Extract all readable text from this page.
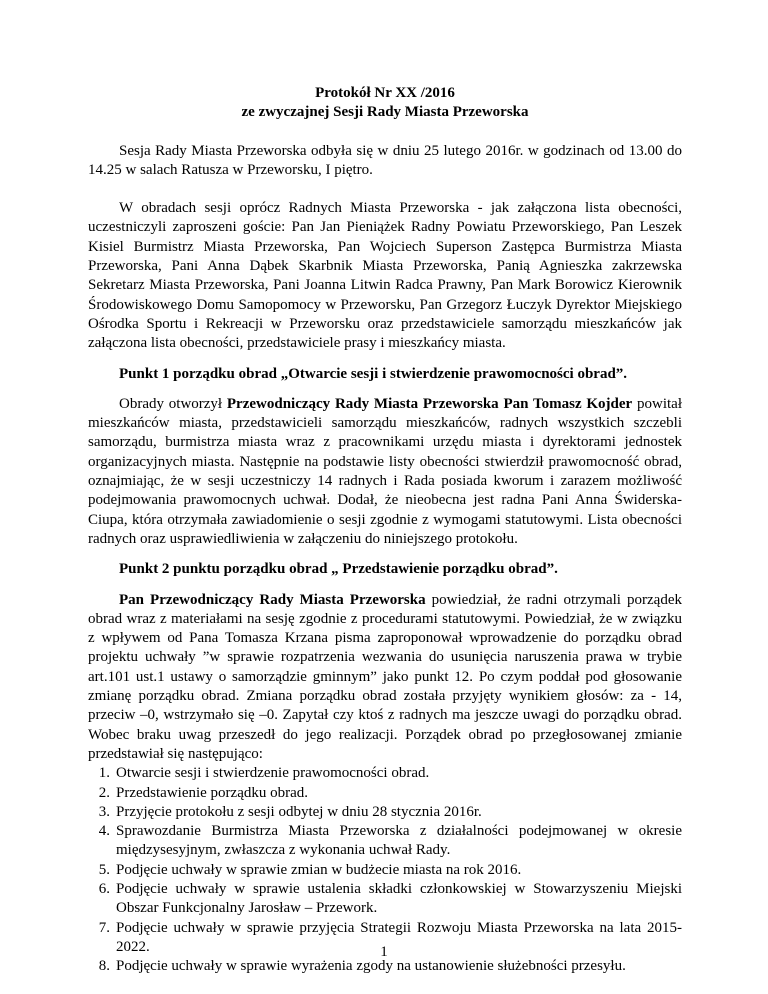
Protokół Nr XX /2016
ze zwyczajnej Sesji Rady Miasta Przeworska

Sesja Rady Miasta Przeworska odbyła się w dniu 25 lutego 2016r. w godzinach od 13.00 do 14.25 w salach Ratusza w Przeworsku, I piętro.

W obradach sesji oprócz Radnych Miasta Przeworska - jak załączona lista obecności, uczestniczyli zaproszeni goście: Pan Jan Pieniążek Radny Powiatu Przeworskiego, Pan Leszek Kisiel Burmistrz Miasta Przeworska, Pan Wojciech Superson Zastępca Burmistrza Miasta Przeworska, Pani Anna Dąbek Skarbnik Miasta Przeworska, Panią Agnieszka zakrzewska Sekretarz Miasta Przeworska, Pani Joanna Litwin Radca Prawny, Pan Mark Borowicz Kierownik Środowiskowego Domu Samopomocy w Przeworsku, Pan Grzegorz Łuczyk Dyrektor Miejskiego Ośrodka Sportu i Rekreacji w Przeworsku oraz przedstawiciele samorządu mieszkańców jak załączona lista obecności, przedstawiciele prasy i mieszkańcy miasta.

Punkt 1 porządku obrad „Otwarcie sesji i stwierdzenie prawomocności obrad”.

Obrady otworzył Przewodniczący Rady Miasta Przeworska Pan Tomasz Kojder powitał mieszkańców miasta, przedstawicieli samorządu mieszkańców, radnych wszystkich szczebli samorządu, burmistrza miasta wraz z pracownikami urzędu miasta i dyrektorami jednostek organizacyjnych miasta. Następnie na podstawie listy obecności stwierdził prawomocność obrad, oznajmiając, że w sesji uczestniczy 14 radnych i Rada posiada kworum i zarazem możliwość podejmowania prawomocnych uchwał. Dodał, że nieobecna jest radna Pani Anna Świderska- Ciupa, która otrzymała zawiadomienie o sesji zgodnie z wymogami statutowymi. Lista obecności radnych oraz usprawiedliwienia w załączeniu do niniejszego protokołu.

Punkt 2 punktu porządku obrad „ Przedstawienie porządku obrad”.

Pan Przewodniczący Rady Miasta Przeworska powiedział, że radni otrzymali porządek obrad wraz z materiałami na sesję zgodnie z procedurami statutowymi. Powiedział, że w związku z wpływem od Pana Tomasza Krzana pisma zaproponował wprowadzenie do porządku obrad projektu uchwały ”w sprawie rozpatrzenia wezwania do usunięcia naruszenia prawa w trybie art.101 ust.1 ustawy o samorządzie gminnym” jako punkt 12. Po czym poddał pod głosowanie zmianę porządku obrad. Zmiana porządku obrad została przyjęty wynikiem głosów: za - 14, przeciw –0, wstrzymało się –0. Zapytał czy ktoś z radnych ma jeszcze uwagi do porządku obrad. Wobec braku uwag przeszedł do jego realizacji. Porządek obrad po przegłosowanej zmianie przedstawiał się następująco:

1. Otwarcie sesji i stwierdzenie prawomocności obrad.
2. Przedstawienie porządku obrad.
3. Przyjęcie protokołu z sesji odbytej w dniu 28 stycznia 2016r.
4. Sprawozdanie Burmistrza Miasta Przeworska z działalności podejmowanej w okresie międzysesyjnym, zwłaszcza z wykonania uchwał Rady.
5. Podjęcie uchwały w sprawie zmian w budżecie miasta na rok 2016.
6. Podjęcie uchwały w sprawie ustalenia składki członkowskiej w Stowarzyszeniu Miejski Obszar Funkcjonalny Jarosław – Przework.
7. Podjęcie uchwały w sprawie przyjęcia Strategii Rozwoju Miasta Przeworska na lata 2015-2022.
8. Podjęcie uchwały w sprawie wyrażenia zgody na ustanowienie służebności przesyłu.
1
